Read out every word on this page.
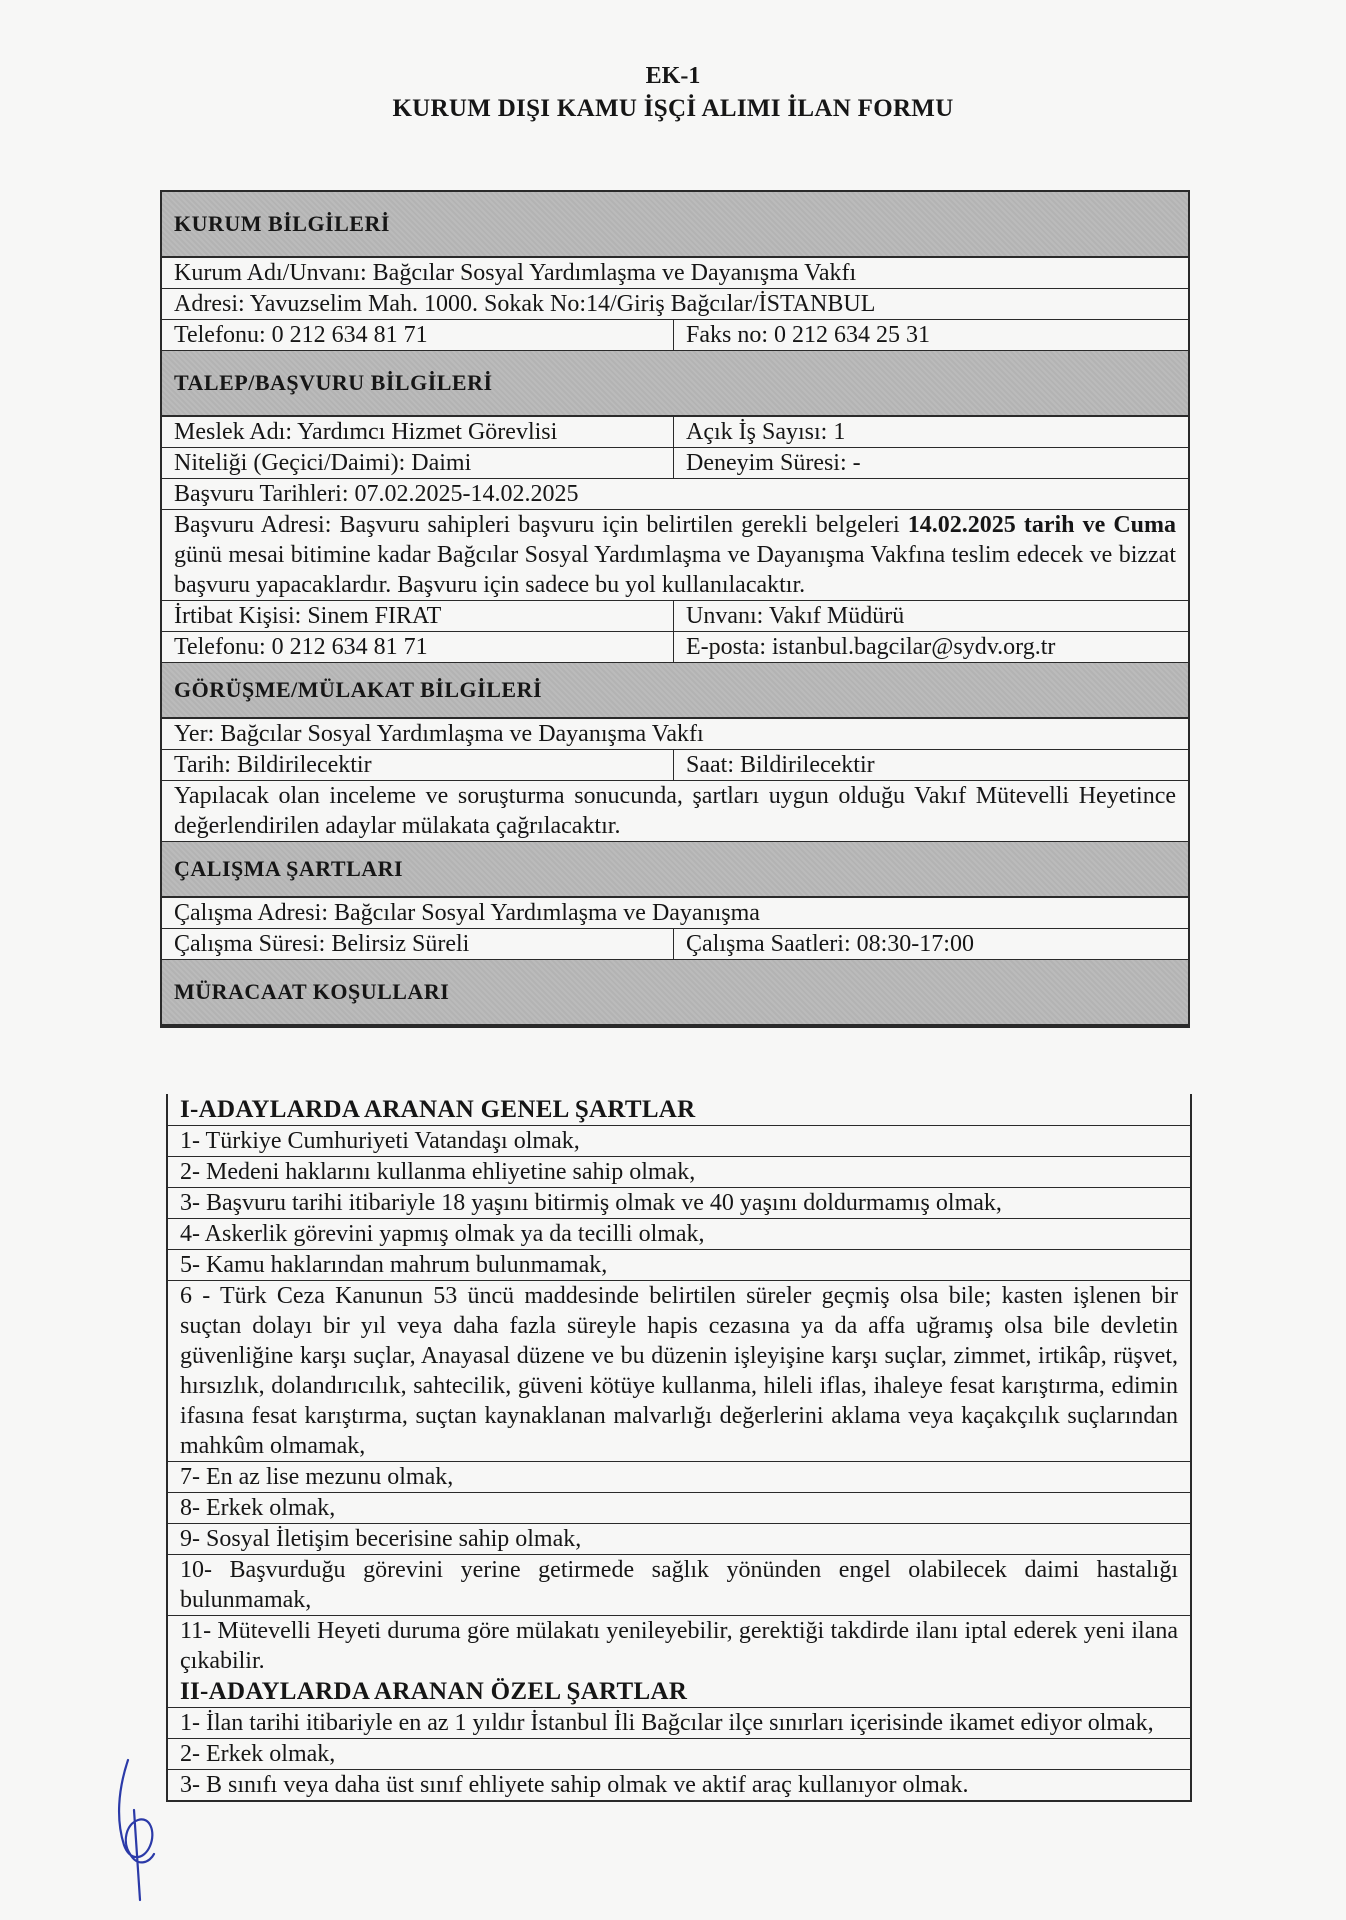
EK-1
KURUM DIŞI KAMU İŞÇİ ALIMI İLAN FORMU
KURUM BİLGİLERİ
Kurum Adı/Unvanı: Bağcılar Sosyal Yardımlaşma ve Dayanışma Vakfı
Adresi: Yavuzselim Mah. 1000. Sokak No:14/Giriş Bağcılar/İSTANBUL
Telefonu: 0 212 634 81 71	Faks no: 0 212 634 25 31
TALEP/BAŞVURU BİLGİLERİ
Meslek Adı: Yardımcı Hizmet Görevlisi	Açık İş Sayısı: 1
Niteliği (Geçici/Daimi): Daimi	Deneyim Süresi: -
Başvuru Tarihleri: 07.02.2025-14.02.2025
Başvuru Adresi: Başvuru sahipleri başvuru için belirtilen gerekli belgeleri 14.02.2025 tarih ve Cuma günü mesai bitimine kadar Bağcılar Sosyal Yardımlaşma ve Dayanışma Vakfına teslim edecek ve bizzat başvuru yapacaklardır. Başvuru için sadece bu yol kullanılacaktır.
İrtibat Kişisi: Sinem FIRAT	Unvanı: Vakıf Müdürü
Telefonu: 0 212 634 81 71	E-posta: istanbul.bagcilar@sydv.org.tr
GÖRÜŞME/MÜLAKAT BİLGİLERİ
Yer: Bağcılar Sosyal Yardımlaşma ve Dayanışma Vakfı
Tarih: Bildirilecektir	Saat: Bildirilecektir
Yapılacak olan inceleme ve soruşturma sonucunda, şartları uygun olduğu Vakıf Mütevelli Heyetince değerlendirilen adaylar mülakata çağrılacaktır.
ÇALIŞMA ŞARTLARI
Çalışma Adresi: Bağcılar Sosyal Yardımlaşma ve Dayanışma
Çalışma Süresi: Belirsiz Süreli	Çalışma Saatleri: 08:30-17:00
MÜRACAAT KOŞULLARI
I-ADAYLARDA ARANAN GENEL ŞARTLAR
1- Türkiye Cumhuriyeti Vatandaşı olmak,
2- Medeni haklarını kullanma ehliyetine sahip olmak,
3- Başvuru tarihi itibariyle 18 yaşını bitirmiş olmak ve 40 yaşını doldurmamış olmak,
4- Askerlik görevini yapmış olmak ya da tecilli olmak,
5- Kamu haklarından mahrum bulunmamak,
6 - Türk Ceza Kanunun 53 üncü maddesinde belirtilen süreler geçmiş olsa bile; kasten işlenen bir suçtan dolayı bir yıl veya daha fazla süreyle hapis cezasına ya da affa uğramış olsa bile devletin güvenliğine karşı suçlar, Anayasal düzene ve bu düzenin işleyişine karşı suçlar, zimmet, irtikâp, rüşvet, hırsızlık, dolandırıcılık, sahtecilik, güveni kötüye kullanma, hileli iflas, ihaleye fesat karıştırma, edimin ifasına fesat karıştırma, suçtan kaynaklanan malvarlığı değerlerini aklama veya kaçakçılık suçlarından mahkûm olmamak,
7- En az lise mezunu olmak,
8- Erkek olmak,
9- Sosyal İletişim becerisine sahip olmak,
10- Başvurduğu görevini yerine getirmede sağlık yönünden engel olabilecek daimi hastalığı bulunmamak,
11- Mütevelli Heyeti duruma göre mülakatı yenileyebilir, gerektiği takdirde ilanı iptal ederek yeni ilana çıkabilir.
II-ADAYLARDA ARANAN ÖZEL ŞARTLAR
1- İlan tarihi itibariyle en az 1 yıldır İstanbul İli Bağcılar ilçe sınırları içerisinde ikamet ediyor olmak,
2- Erkek olmak,
3- B sınıfı veya daha üst sınıf ehliyete sahip olmak ve aktif araç kullanıyor olmak.
